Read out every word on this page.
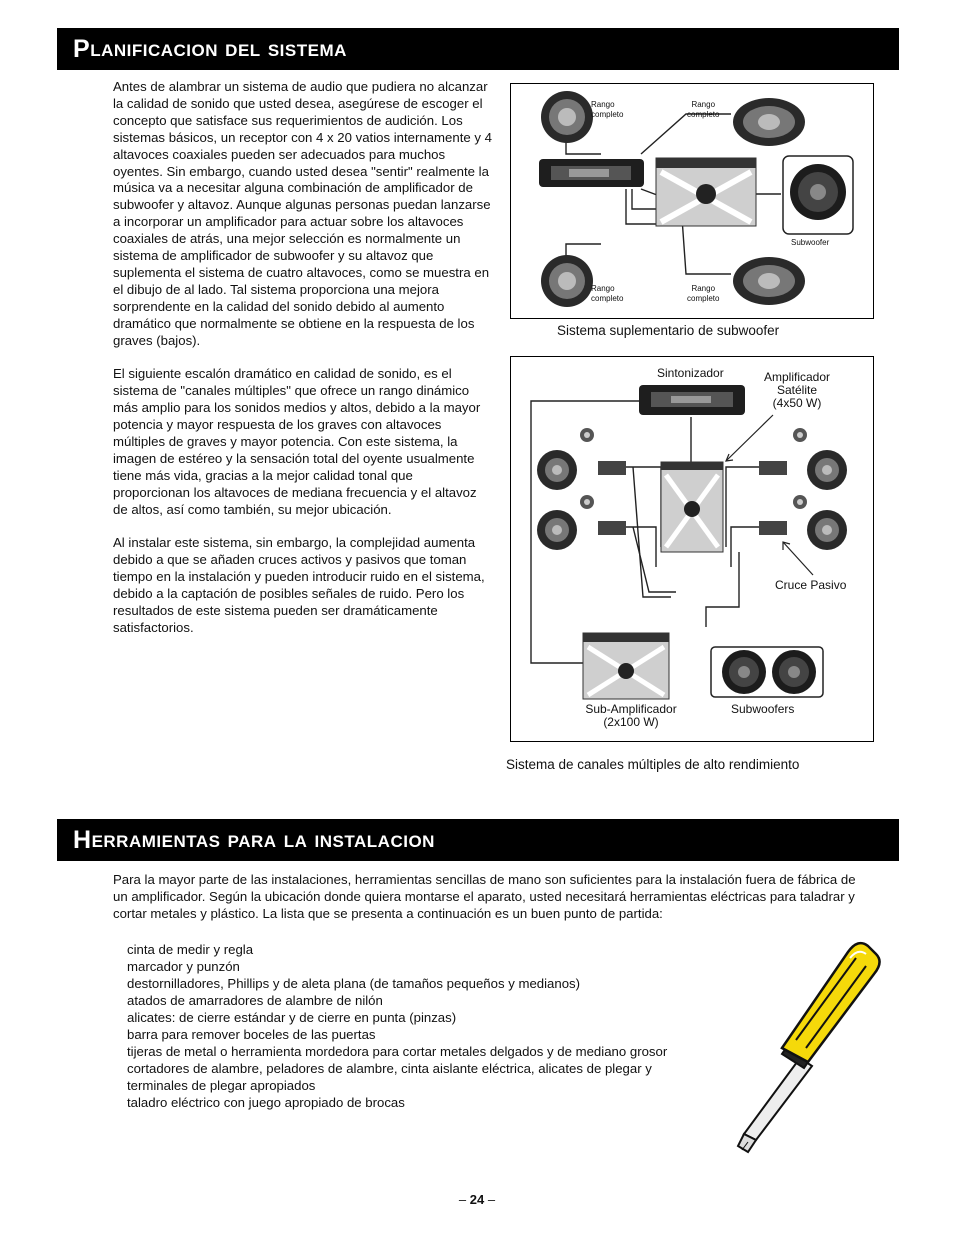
P lanificacion del sistema

Antes de alambrar un sistema de audio que pudiera no alcanzar la calidad de sonido que usted desea, asegúrese de escoger el concepto que satisface sus requerimientos de audición. Los sistemas básicos, un receptor con 4 x 20 vatios internamente y 4 altavoces coaxiales pueden ser adecuados para muchos oyentes. Sin embargo, cuando usted desea "sentir" realmente la música va a necesitar alguna combinación de amplificador de subwoofer y altavoz. Aunque algunas personas puedan lanzarse a incorporar un amplificador para actuar sobre los altavoces coaxiales de atrás, una mejor selección es normalmente un sistema de amplificador de subwoofer y su altavoz que suplementa el sistema de cuatro altavoces, como se muestra en el dibujo de al lado. Tal sistema proporciona una mejora sorprendente en la calidad del sonido debido al aumento dramático que normalmente se obtiene en la respuesta de los graves (bajos).

El siguiente escalón dramático en calidad de sonido, es el sistema de "canales múltiples" que ofrece un rango dinámico más amplio para los sonidos medios y altos, debido a la mayor potencia y mayor respuesta de los graves con altavoces múltiples de graves y mayor potencia. Con este sistema, la imagen de estéreo y la sensación total del oyente usualmente tiene más vida, gracias a la mejor calidad tonal que proporcionan los altavoces de mediana frecuencia y el altavoz de altos, así como también, su mejor ubicación.

Al instalar este sistema, sin embargo, la complejidad aumenta debido a que se añaden cruces activos y pasivos que toman tiempo en la instalación y pueden introducir ruido en el sistema, debido a la captación de posibles señales de ruido. Pero los resultados de este sistema pueden ser dramáticamente satisfactorios.

Rango
completo
Rango
completo
Rango
completo
Rango
completo
Subwoofer
Sistema suplementario de subwoofer
Sintonizador	Amplificador
Satélite
(4x50 W)
Cruce Pasivo
Sub-Amplificador
(2x100 W)
Subwoofers
Sistema de canales múltiples de alto rendimiento
H erramientas para la instalacion
Para la mayor parte de las instalaciones, herramientas sencillas de mano son suficientes para la instalación fuera de fábrica de un amplificador. Según la ubicación donde quiera montarse el aparato, usted necesitará herramientas eléctricas para taladrar y cortar metales y plástico. La lista que se presenta a continuación es un buen punto de partida:
cinta de medir y regla
marcador y punzón
destornilladores, Phillips y de aleta plana (de tamaños pequeños y medianos)
atados de amarradores de alambre de nilón
alicates: de cierre estándar y de cierre en punta (pinzas)
barra para remover boceles de las puertas
tijeras de metal o herramienta mordedora para cortar metales delgados y de mediano grosor
cortadores de alambre, peladores de alambre, cinta aislante eléctrica, alicates de plegar y
terminales de plegar apropiados
taladro eléctrico con juego apropiado de brocas
– 24 –
